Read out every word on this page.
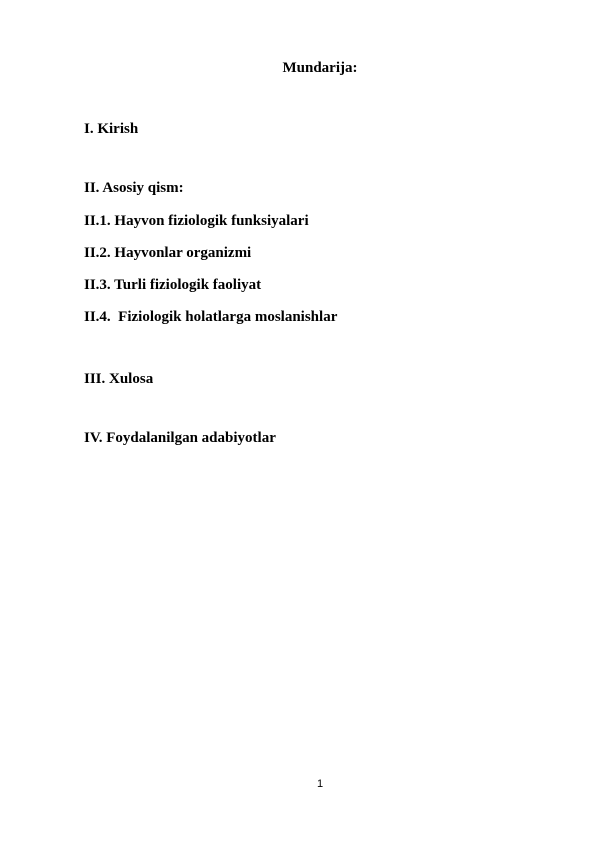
Mundarija:
I. Kirish
II. Asosiy qism:
II.1. Hayvon fiziologik funksiyalari
II.2. Hayvonlar organizmi
II.3. Turli fiziologik faoliyat
II.4.  Fiziologik holatlarga moslanishlar
III. Xulosa
IV. Foydalanilgan adabiyotlar
1
